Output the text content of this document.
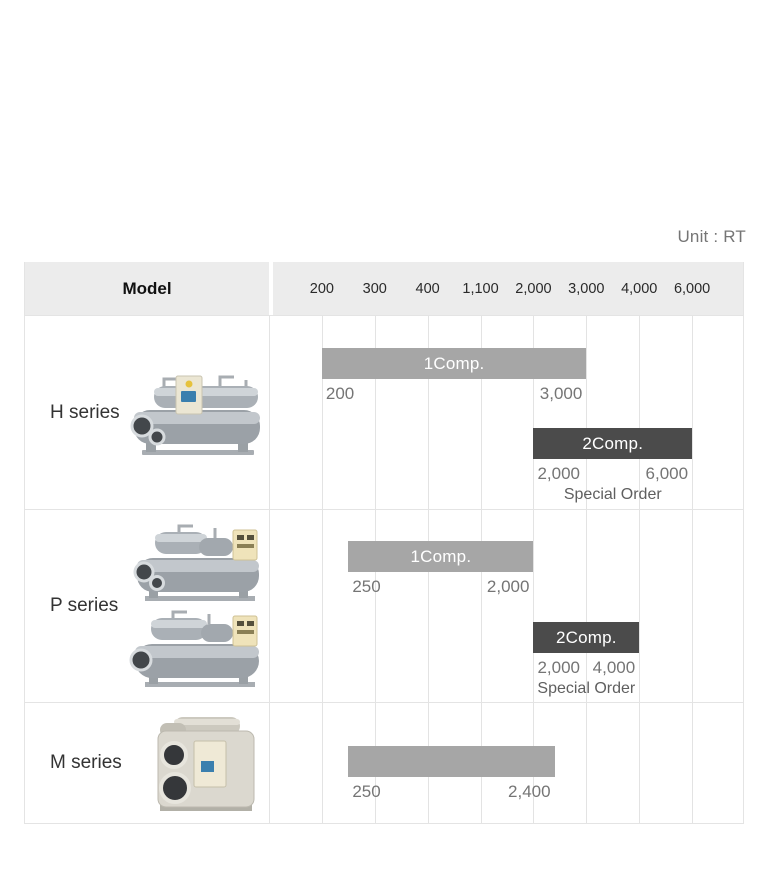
Unit : RT
Model	200 300 400 1,100 2,000 3,000 4,000 6,000
H series
1Comp.
200	3,000
2Comp.
2,000	6,000
Special Order
P series
1Comp.
250	2,000
2Comp.
2,000 4,000
Special Order
M series
250	2,400
